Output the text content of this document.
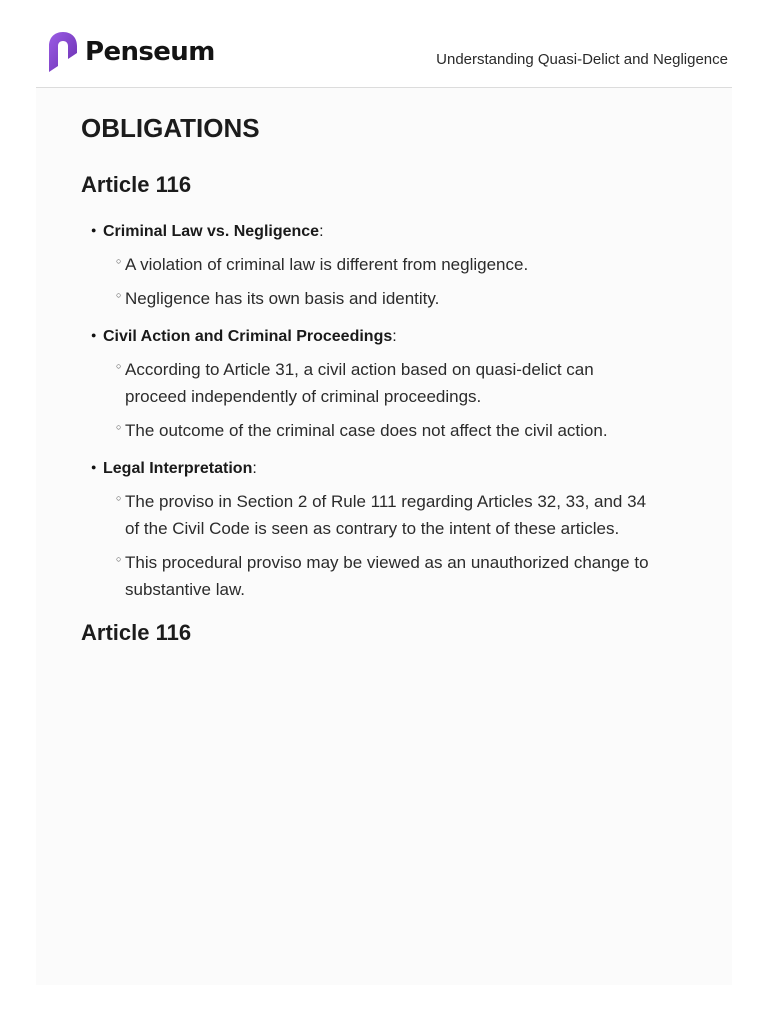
Penseum	Understanding Quasi-Delict and Negligence
OBLIGATIONS
Article 116
● Criminal Law vs. Negligence:
○ A violation of criminal law is different from negligence.
○ Negligence has its own basis and identity.
● Civil Action and Criminal Proceedings:
○ According to Article 31, a civil action based on quasi-delict can proceed independently of criminal proceedings.
○ The outcome of the criminal case does not affect the civil action.
● Legal Interpretation:
○ The proviso in Section 2 of Rule 111 regarding Articles 32, 33, and 34 of the Civil Code is seen as contrary to the intent of these articles.
○ This procedural proviso may be viewed as an unauthorized change to substantive law.
Article 116
